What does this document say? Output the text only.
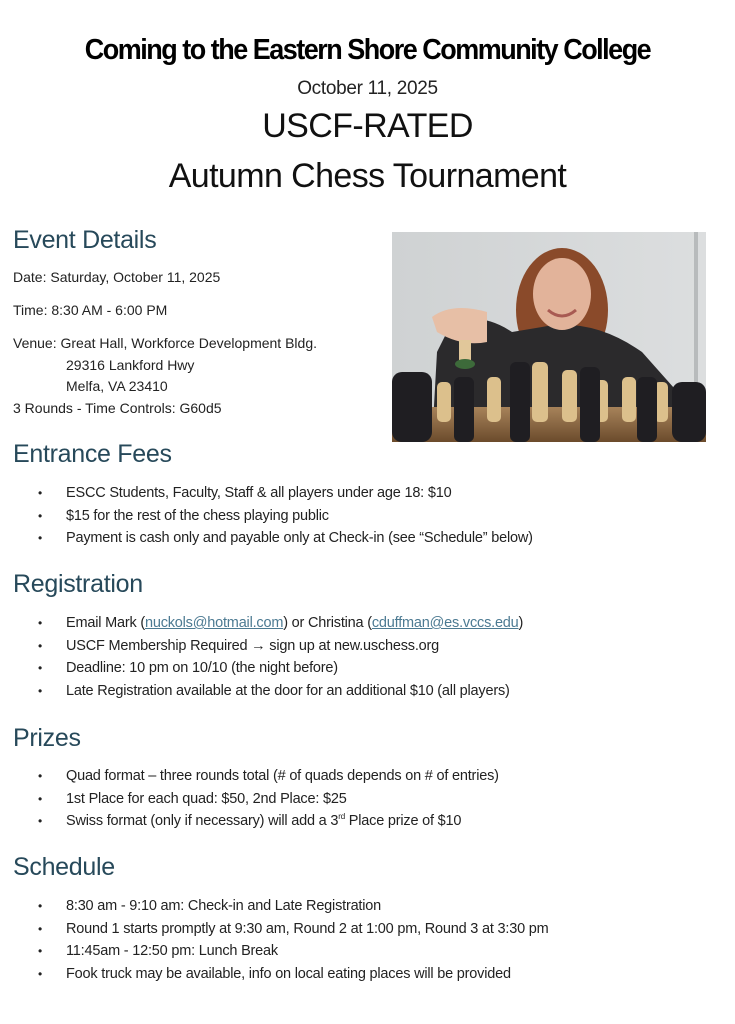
Coming to the Eastern Shore Community College
October 11, 2025
USCF-RATED
Autumn Chess Tournament
Event Details
Date: Saturday, October 11, 2025
Time: 8:30 AM - 6:00 PM
Venue: Great Hall, Workforce Development Bldg.
29316 Lankford Hwy
Melfa, VA 23410
3 Rounds - Time Controls: G60d5
Entrance Fees
• ESCC Students, Faculty, Staff & all players under age 18: $10
• $15 for the rest of the chess playing public
• Payment is cash only and payable only at Check-in (see “Schedule” below)
Registration
• Email Mark (nuckols@hotmail.com) or Christina (cduffman@es.vccs.edu)
• USCF Membership Required → sign up at new.uschess.org
• Deadline: 10 pm on 10/10 (the night before)
• Late Registration available at the door for an additional $10 (all players)
Prizes
• Quad format – three rounds total (# of quads depends on # of entries)
• 1st Place for each quad: $50, 2nd Place: $25
• Swiss format (only if necessary) will add a 3rd Place prize of $10
Schedule
• 8:30 am - 9:10 am: Check-in and Late Registration
• Round 1 starts promptly at 9:30 am, Round 2 at 1:00 pm, Round 3 at 3:30 pm
• 11:45am - 12:50 pm: Lunch Break
• Fook truck may be available, info on local eating places will be provided
